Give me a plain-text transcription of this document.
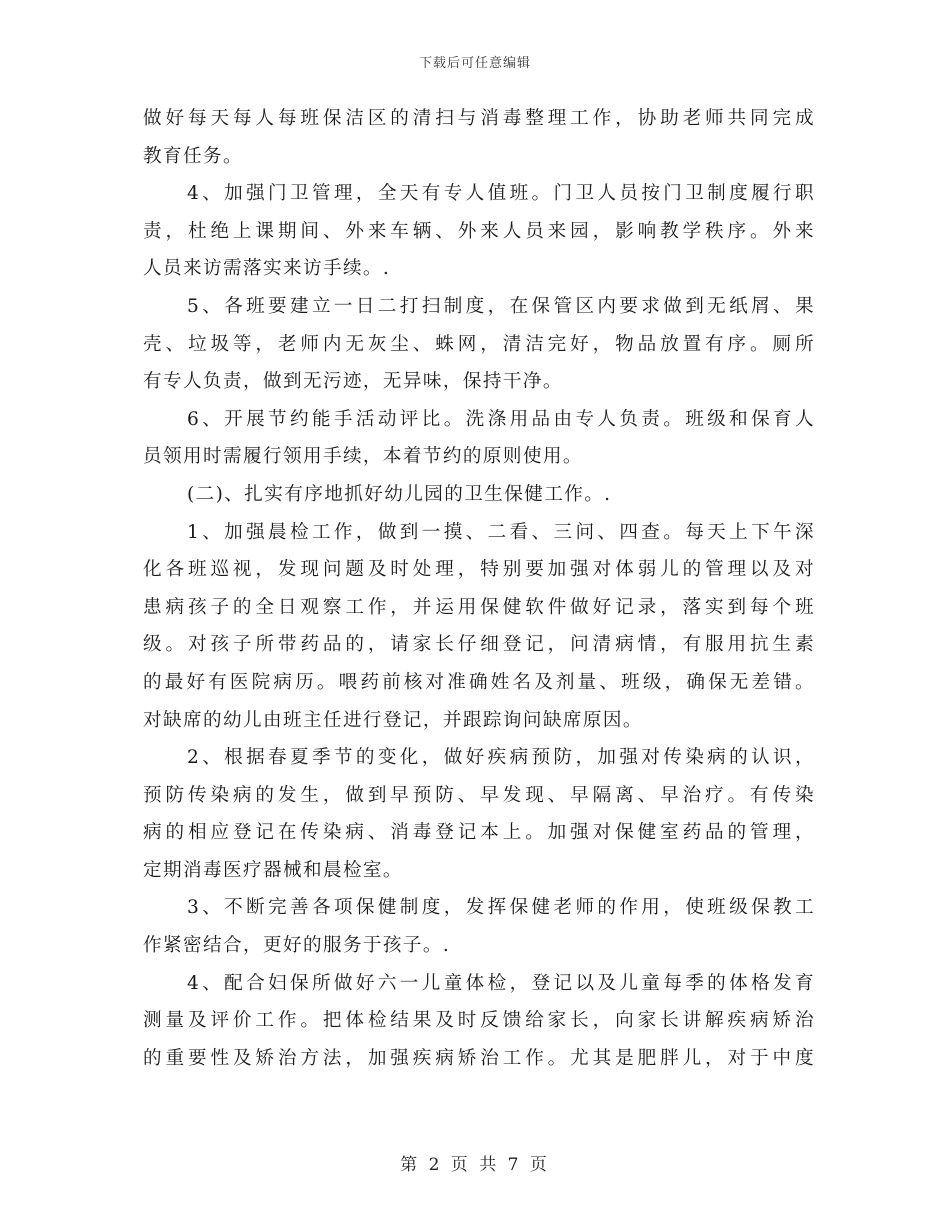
下载后可任意编辑
做好每天每人每班保洁区的清扫与消毒整理工作，协助老师共同完成
教育任务。
4、加强门卫管理，全天有专人值班。门卫人员按门卫制度履行职
责，杜绝上课期间、外来车辆、外来人员来园，影响教学秩序。外来
人员来访需落实来访手续。.
5、各班要建立一日二打扫制度，在保管区内要求做到无纸屑、果
壳、垃圾等，老师内无灰尘、蛛网，清洁完好，物品放置有序。厕所
有专人负责，做到无污迹，无异味，保持干净。
6、开展节约能手活动评比。洗涤用品由专人负责。班级和保育人
员领用时需履行领用手续，本着节约的原则使用。
(二)、扎实有序地抓好幼儿园的卫生保健工作。.
1、加强晨检工作，做到一摸、二看、三问、四查。每天上下午深
化各班巡视，发现问题及时处理，特别要加强对体弱儿的管理以及对
患病孩子的全日观察工作，并运用保健软件做好记录，落实到每个班
级。对孩子所带药品的，请家长仔细登记，问清病情，有服用抗生素
的最好有医院病历。喂药前核对准确姓名及剂量、班级，确保无差错。
对缺席的幼儿由班主任进行登记，并跟踪询问缺席原因。
2、根据春夏季节的变化，做好疾病预防，加强对传染病的认识，
预防传染病的发生，做到早预防、早发现、早隔离、早治疗。有传染
病的相应登记在传染病、消毒登记本上。加强对保健室药品的管理，
定期消毒医疗器械和晨检室。
3、不断完善各项保健制度，发挥保健老师的作用，使班级保教工
作紧密结合，更好的服务于孩子。.
4、配合妇保所做好六一儿童体检，登记以及儿童每季的体格发育
测量及评价工作。把体检结果及时反馈给家长，向家长讲解疾病矫治
的重要性及矫治方法，加强疾病矫治工作。尤其是肥胖儿，对于中度
第 2 页 共 7 页
